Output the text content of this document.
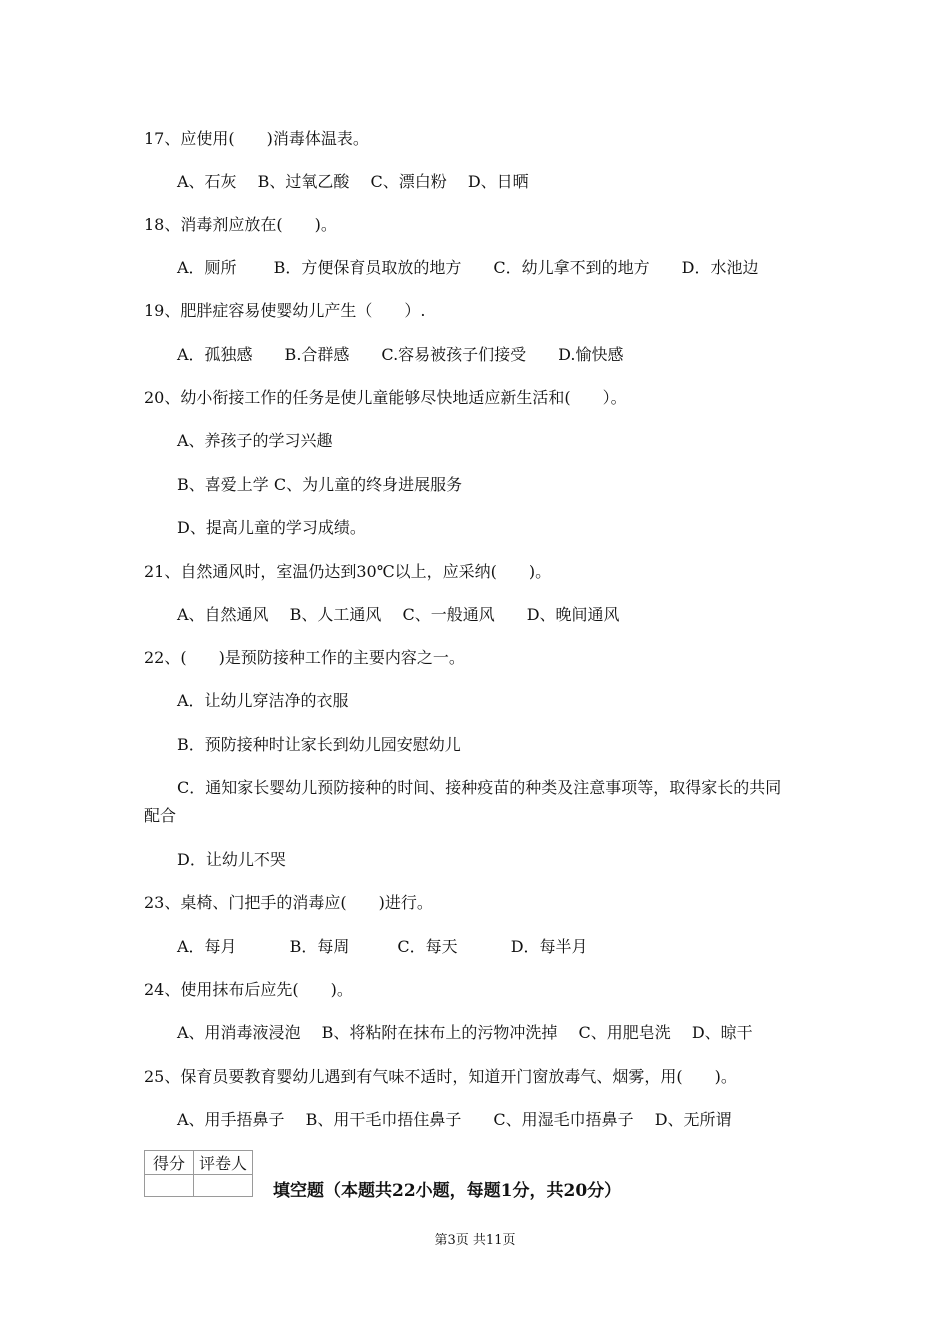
17、应使用(　　)消毒体温表。
A、石灰　 B、过氧乙酸　 C、漂白粉　 D、日晒
18、消毒剂应放在(　　)。
A．厕所　　 B．方便保育员取放的地方　　C．幼儿拿不到的地方　　D．水池边
19、肥胖症容易使婴幼儿产生（　　）.
A．孤独感　　B.合群感　　C.容易被孩子们接受　　D.愉快感
20、幼小衔接工作的任务是使儿童能够尽快地适应新生活和(　　）。
A、养孩子的学习兴趣
B、喜爱上学 C、为儿童的终身进展服务
D、提高儿童的学习成绩。
21、自然通风时，室温仍达到30℃以上，应采纳(　　)。
A、自然通风　 B、人工通风　 C、一般通风　　D、晚间通风
22、(　　)是预防接种工作的主要内容之一。
A．让幼儿穿洁净的衣服
B．预防接种时让家长到幼儿园安慰幼儿
C．通知家长婴幼儿预防接种的时间、接种疫苗的种类及注意事项等，取得家长的共同
配合
D．让幼儿不哭
23、桌椅、门把手的消毒应(　　)进行。
A．每月　　　 B．每周　　　C．每天　　　 D．每半月
24、使用抹布后应先(　　)。
A、用消毒液浸泡　 B、将粘附在抹布上的污物冲洗掉　 C、用肥皂洗　 D、晾干
25、保育员要教育婴幼儿遇到有气味不适时，知道开门窗放毒气、烟雾，用(　　)。
A、用手捂鼻子　 B、用干毛巾捂住鼻子　　C、用湿毛巾捂鼻子　 D、无所谓
得分	评卷人

填空题（本题共22小题，每题1分，共20分）
第3页 共11页
